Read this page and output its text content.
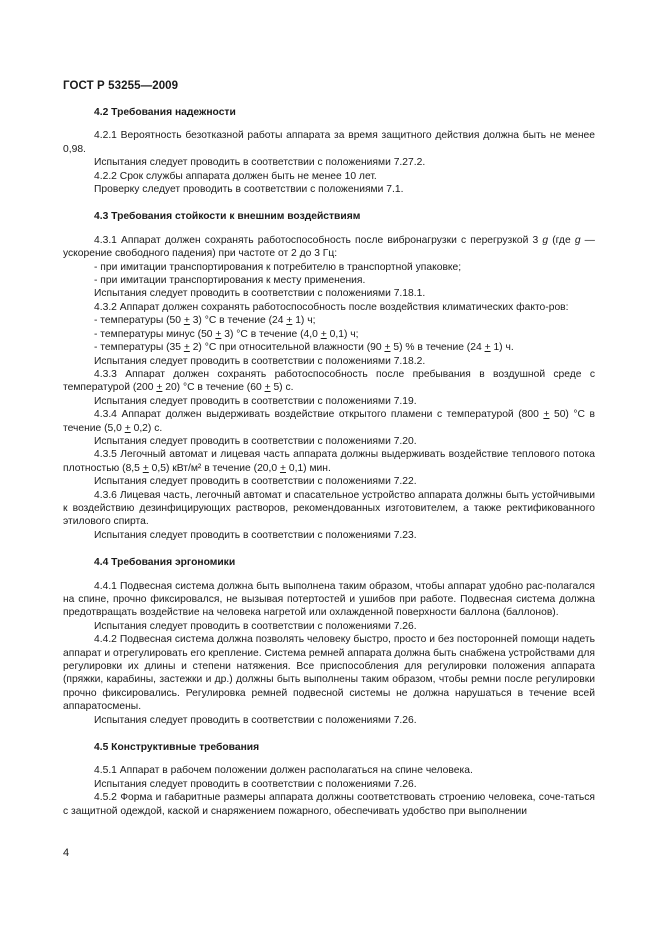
ГОСТ Р 53255—2009
4.2 Требования надежности
4.2.1 Вероятность безотказной работы аппарата за время защитного действия должна быть не менее 0,98.
Испытания следует проводить в соответствии с положениями 7.27.2.
4.2.2 Срок службы аппарата должен быть не менее 10 лет.
Проверку следует проводить в соответствии с положениями 7.1.
4.3 Требования стойкости к внешним воздействиям
4.3.1 Аппарат должен сохранять работоспособность после вибронагрузки с перегрузкой 3 g (где g — ускорение свободного падения) при частоте от 2 до 3 Гц:
- при имитации транспортирования к потребителю в транспортной упаковке;
- при имитации транспортирования к месту применения.
Испытания следует проводить в соответствии с положениями 7.18.1.
4.3.2 Аппарат должен сохранять работоспособность после воздействия климатических факто-ров:
- температуры (50 + 3) °С в течение (24 + 1) ч;
- температуры минус (50 + 3) °С в течение (4,0 + 0,1) ч;
- температуры (35 + 2) °С при относительной влажности (90 + 5) % в течение (24 + 1) ч.
Испытания следует проводить в соответствии с положениями 7.18.2.
4.3.3 Аппарат должен сохранять работоспособность после пребывания в воздушной среде с температурой (200 + 20) °С в течение (60 + 5) с.
Испытания следует проводить в соответствии с положениями 7.19.
4.3.4 Аппарат должен выдерживать воздействие открытого пламени с температурой (800 + 50) °С в течение (5,0 + 0,2) с.
Испытания следует проводить в соответствии с положениями 7.20.
4.3.5 Легочный автомат и лицевая часть аппарата должны выдерживать воздействие теплового потока плотностью (8,5 + 0,5) кВт/м² в течение (20,0 + 0,1) мин.
Испытания следует проводить в соответствии с положениями 7.22.
4.3.6 Лицевая часть, легочный автомат и спасательное устройство аппарата должны быть устойчивыми к воздействию дезинфицирующих растворов, рекомендованных изготовителем, а также ректификованного этилового спирта.
Испытания следует проводить в соответствии с положениями 7.23.
4.4 Требования эргономики
4.4.1 Подвесная система должна быть выполнена таким образом, чтобы аппарат удобно рас-полагался на спине, прочно фиксировался, не вызывая потертостей и ушибов при работе. Подвесная система должна предотвращать воздействие на человека нагретой или охлажденной поверхности баллона (баллонов).
Испытания следует проводить в соответствии с положениями 7.26.
4.4.2 Подвесная система должна позволять человеку быстро, просто и без посторонней помощи надеть аппарат и отрегулировать его крепление. Система ремней аппарата должна быть снабжена устройствами для регулировки их длины и степени натяжения. Все приспособления для регулировки положения аппарата (пряжки, карабины, застежки и др.) должны быть выполнены таким образом, чтобы ремни после регулировки прочно фиксировались. Регулировка ремней подвесной системы не должна нарушаться в течение всей аппаратосмены.
Испытания следует проводить в соответствии с положениями 7.26.
4.5 Конструктивные требования
4.5.1 Аппарат в рабочем положении должен располагаться на спине человека.
Испытания следует проводить в соответствии с положениями 7.26.
4.5.2 Форма и габаритные размеры аппарата должны соответствовать строению человека, соче-таться с защитной одеждой, каской и снаряжением пожарного, обеспечивать удобство при выполнении
4
